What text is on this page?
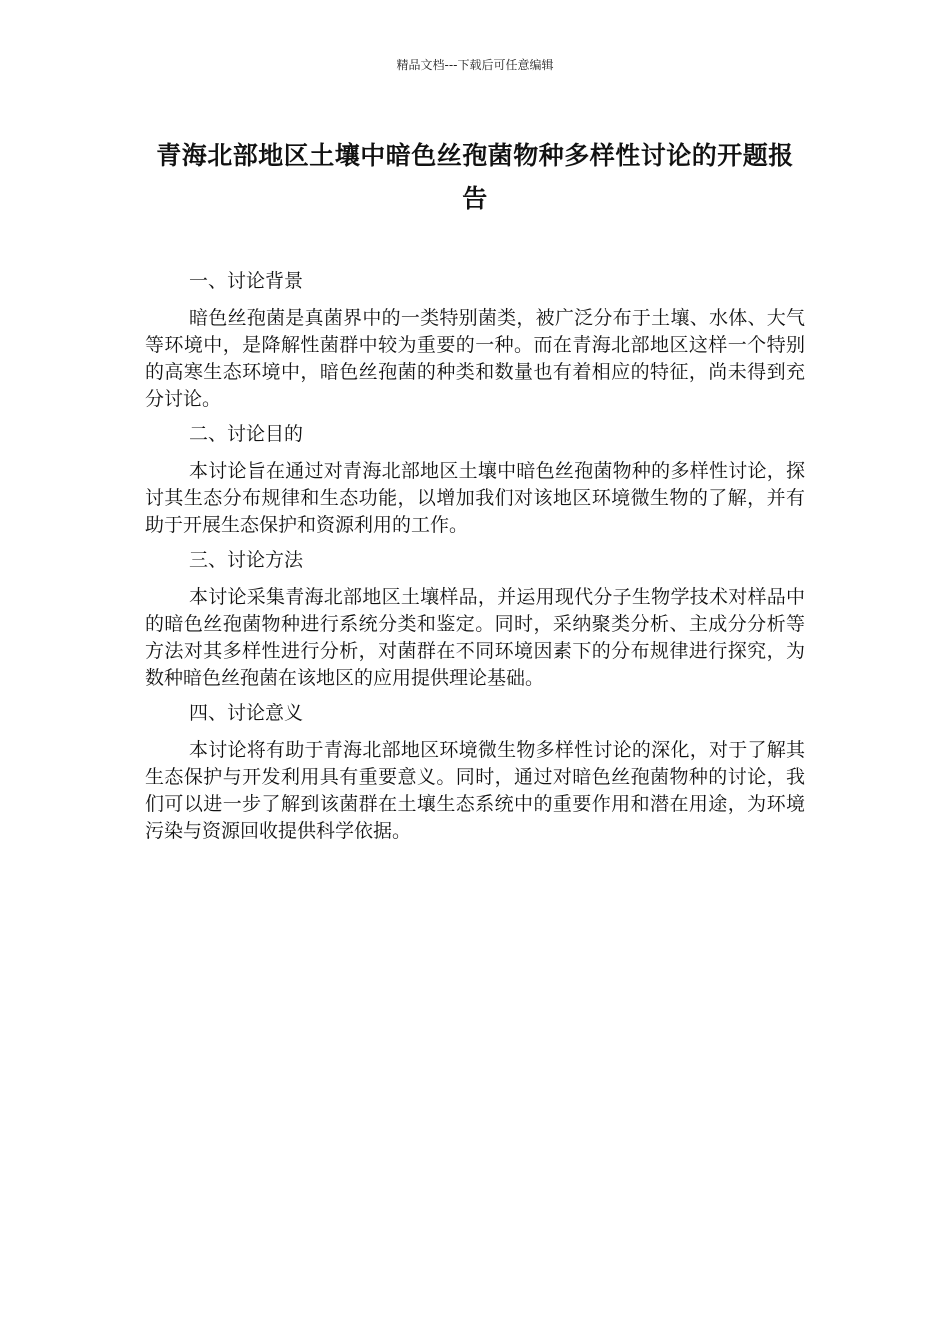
精品文档---下载后可任意编辑
青海北部地区土壤中暗色丝孢菌物种多样性讨论的开题报告

一、讨论背景

暗色丝孢菌是真菌界中的一类特别菌类，被广泛分布于土壤、水体、大气等环境中，是降解性菌群中较为重要的一种。而在青海北部地区这样一个特别的高寒生态环境中，暗色丝孢菌的种类和数量也有着相应的特征，尚未得到充分讨论。

二、讨论目的

本讨论旨在通过对青海北部地区土壤中暗色丝孢菌物种的多样性讨论，探讨其生态分布规律和生态功能，以增加我们对该地区环境微生物的了解，并有助于开展生态保护和资源利用的工作。

三、讨论方法

本讨论采集青海北部地区土壤样品，并运用现代分子生物学技术对样品中的暗色丝孢菌物种进行系统分类和鉴定。同时，采纳聚类分析、主成分分析等方法对其多样性进行分析，对菌群在不同环境因素下的分布规律进行探究，为数种暗色丝孢菌在该地区的应用提供理论基础。

四、讨论意义

本讨论将有助于青海北部地区环境微生物多样性讨论的深化，对于了解其生态保护与开发利用具有重要意义。同时，通过对暗色丝孢菌物种的讨论，我们可以进一步了解到该菌群在土壤生态系统中的重要作用和潜在用途，为环境污染与资源回收提供科学依据。
